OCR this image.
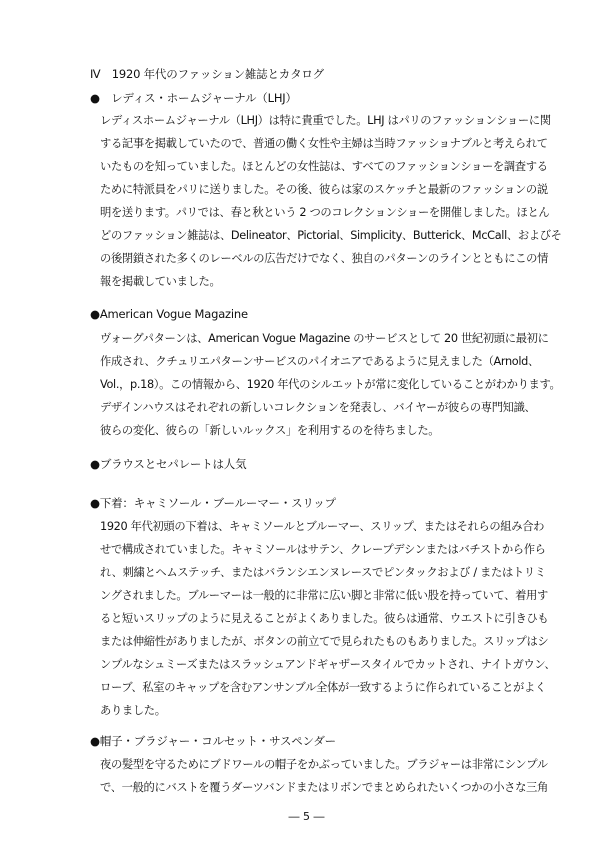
Ⅳ　1920 年代のファッション雑誌とカタログ
●　レディス・ホームジャーナル（LHJ）
レディスホームジャーナル（LHJ）は特に貴重でした。LHJ はパリのファッションショーに関
する記事を掲載していたので、普通の働く女性や主婦は当時ファッショナブルと考えられて
いたものを知っていました。ほとんどの女性誌は、すべてのファッションショーを調査する
ために特派員をパリに送りました。その後、彼らは家のスケッチと最新のファッションの説
明を送ります。パリでは、春と秋という 2 つのコレクションショーを開催しました。ほとん
どのファッション雑誌は、Delineator、Pictorial、Simplicity、Butterick、McCall、およびそ
の後閉鎖された多くのレーベルの広告だけでなく、独自のパターンのラインとともにこの情
報を掲載していました。
●American Vogue Magazine
ヴォーグパターンは、American Vogue Magazine のサービスとして 20 世紀初頭に最初に
作成され、クチュリエパターンサービスのパイオニアであるように見えました（Arnold、
Vol.，p.18）。この情報から、1920 年代のシルエットが常に変化していることがわかります。
デザインハウスはそれぞれの新しいコレクションを発表し、バイヤーが彼らの専門知識、
彼らの変化、彼らの「新しいルックス」を利用するのを待ちました。
●ブラウスとセパレートは人気
●下着：キャミソール・ブールーマー・スリップ
1920 年代初頭の下着は、キャミソールとブルーマー、スリップ、またはそれらの組み合わ
せで構成されていました。キャミソールはサテン、クレープデシンまたはバチストから作ら
れ、刺繍とヘムステッチ、またはバランシエンヌレースでピンタックおよび / またはトリミ
ングされました。ブルーマーは一般的に非常に広い脚と非常に低い股を持っていて、着用す
ると短いスリップのように見えることがよくありました。彼らは通常、ウエストに引きひも
または伸縮性がありましたが、ボタンの前立てで見られたものもありました。スリップはシ
ンプルなシュミーズまたはスラッシュアンドギャザースタイルでカットされ、ナイトガウン、
ローブ、私室のキャップを含むアンサンブル全体が一致するように作られていることがよく
ありました。
●帽子・ブラジャー・コルセット・サスペンダー
夜の髪型を守るためにブドワールの帽子をかぶっていました。ブラジャーは非常にシンプル
で、一般的にバストを覆うダーツバンドまたはリボンでまとめられたいくつかの小さな三角
― 5 ―
